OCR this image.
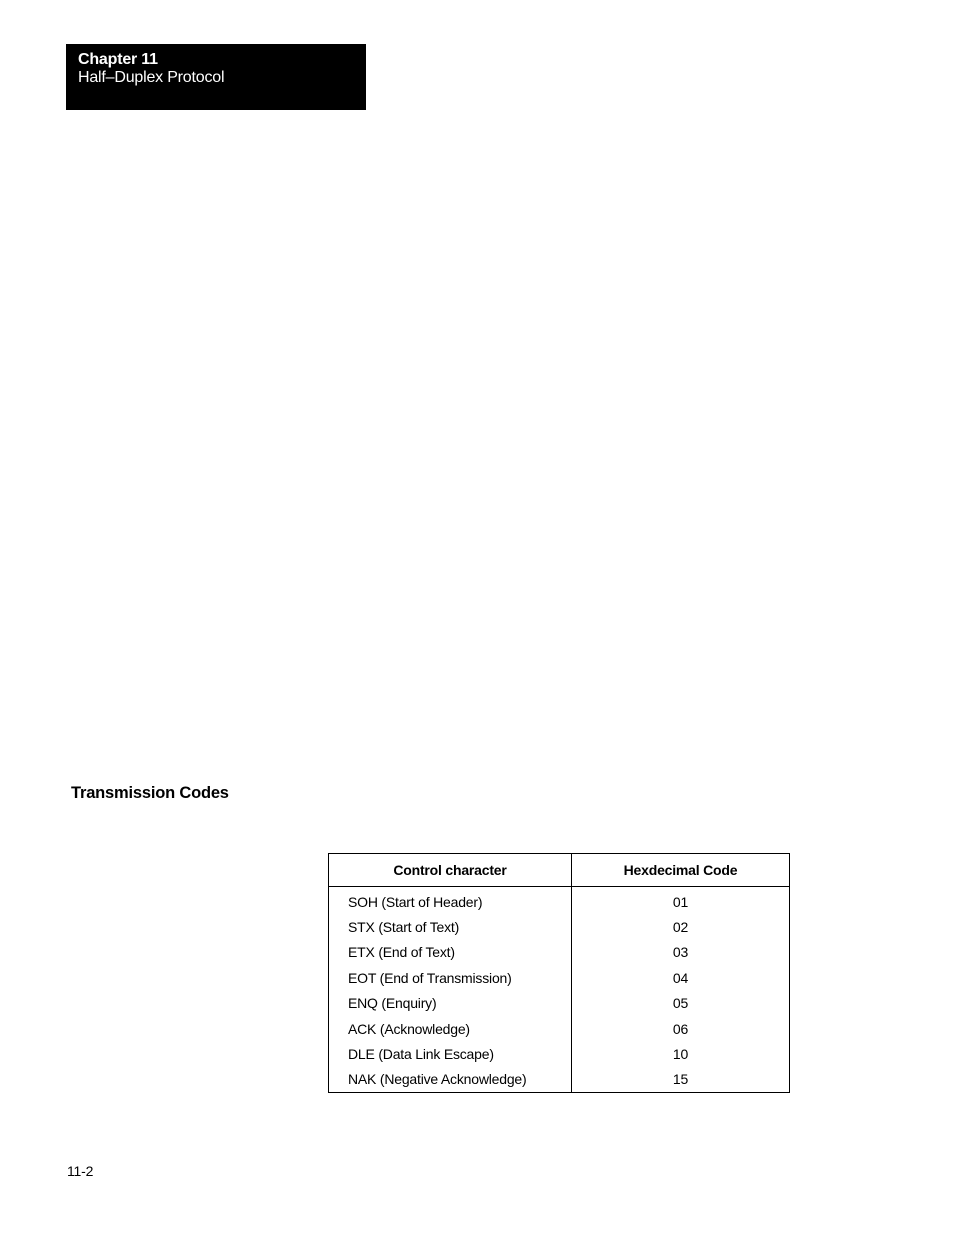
Chapter 11
Half–Duplex Protocol
Transmission Codes
Control character	Hexdecimal Code
SOH (Start of Header)	01
STX (Start of Text)	02
ETX (End of Text)	03
EOT (End of Transmission)	04
ENQ (Enquiry)	05
ACK (Acknowledge)	06
DLE (Data Link Escape)	10
NAK (Negative Acknowledge)	15
11-2
